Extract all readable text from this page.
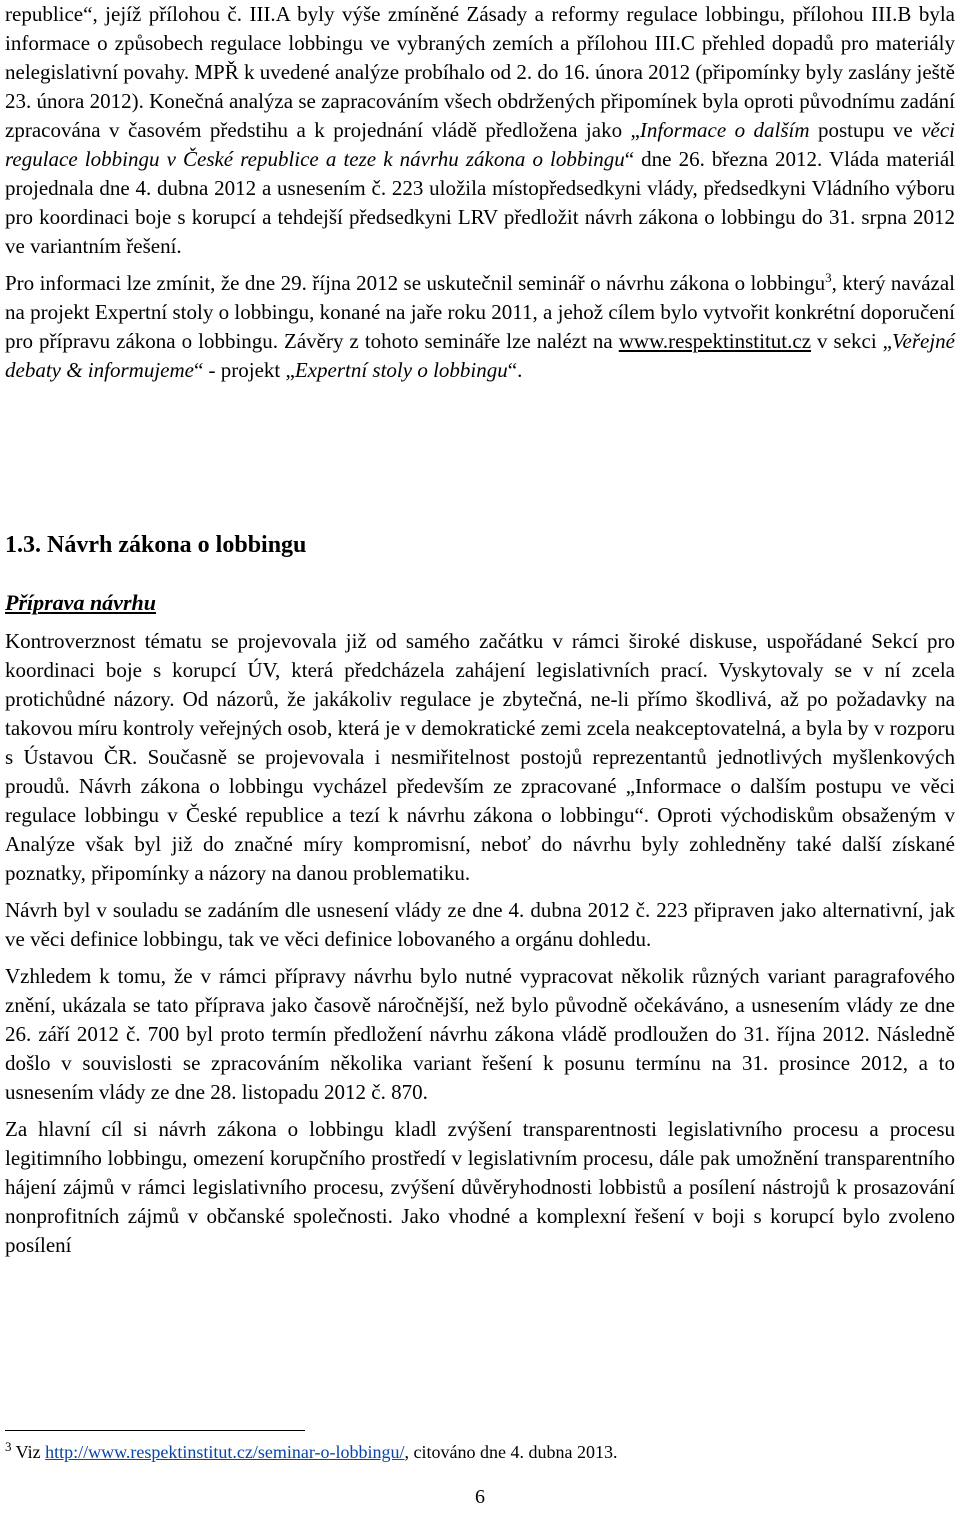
republice“, jejíž přílohou č. III.A byly výše zmíněné Zásady a reformy regulace lobbingu, přílohou III.B byla informace o způsobech regulace lobbingu ve vybraných zemích a přílohou III.C přehled dopadů pro materiály nelegislativní povahy. MPŘ k uvedené analýze probíhalo od 2. do 16. února 2012 (připomínky byly zaslány ještě 23. února 2012). Konečná analýza se zapracováním všech obdržených připomínek byla oproti původnímu zadání zpracována v časovém předstihu a k projednání vládě předložena jako „Informace o dalším postupu ve věci regulace lobbingu v České republice a teze k návrhu zákona o lobbingu“ dne 26. března 2012. Vláda materiál projednala dne 4. dubna 2012 a usnesením č. 223 uložila místopředsedkyni vlády, předsedkyni Vládního výboru pro koordinaci boje s korupcí a tehdejší předsedkyni LRV předložit návrh zákona o lobbingu do 31. srpna 2012 ve variantním řešení.

Pro informaci lze zmínit, že dne 29. října 2012 se uskutečnil seminář o návrhu zákona o lobbingu$^3$, který navázal na projekt Expertní stoly o lobbingu, konané na jaře roku 2011, a jehož cílem bylo vytvořit konkrétní doporučení pro přípravu zákona o lobbingu. Závěry z tohoto semináře lze nalézt na www.respektinstitut.cz v sekci „Veřejné debaty & informujeme“ - projekt „Expertní stoly o lobbingu“.

1.3. Návrh zákona o lobbingu
Příprava návrhu

Kontroverznost tématu se projevovala již od samého začátku v rámci široké diskuse, uspořádané Sekcí pro koordinaci boje s korupcí ÚV, která předcházela zahájení legislativních prací. Vyskytovaly se v ní zcela protichůdné názory. Od názorů, že jakákoliv regulace je zbytečná, ne-li přímo škodlivá, až po požadavky na takovou míru kontroly veřejných osob, která je v demokratické zemi zcela neakceptovatelná, a byla by v rozporu s Ústavou ČR. Současně se projevovala i nesmiřitelnost postojů reprezentantů jednotlivých myšlenkových proudů. Návrh zákona o lobbingu vycházel především ze zpracované „Informace o dalším postupu ve věci regulace lobbingu v České republice a tezí k návrhu zákona o lobbingu“. Oproti východiskům obsaženým v Analýze však byl již do značné míry kompromisní, neboť do návrhu byly zohledněny také další získané poznatky, připomínky a názory na danou problematiku.

Návrh byl v souladu se zadáním dle usnesení vlády ze dne 4. dubna 2012 č. 223 připraven jako alternativní, jak ve věci definice lobbingu, tak ve věci definice lobovaného a orgánu dohledu.

Vzhledem k tomu, že v rámci přípravy návrhu bylo nutné vypracovat několik různých variant paragrafového znění, ukázala se tato příprava jako časově náročnější, než bylo původně očekáváno, a usnesením vlády ze dne 26. září 2012 č. 700 byl proto termín předložení návrhu zákona vládě prodloužen do 31. října 2012. Následně došlo v souvislosti se zpracováním několika variant řešení k posunu termínu na 31. prosince 2012, a to usnesením vlády ze dne 28. listopadu 2012 č. 870.

Za hlavní cíl si návrh zákona o lobbingu kladl zvýšení transparentnosti legislativního procesu a procesu legitimního lobbingu, omezení korupčního prostředí v legislativním procesu, dále pak umožnění transparentního hájení zájmů v rámci legislativního procesu, zvýšení důvěryhodnosti lobbistů a posílení nástrojů k prosazování nonprofitních zájmů v občanské společnosti. Jako vhodné a komplexní řešení v boji s korupcí bylo zvoleno posílení

$^3$ Viz http://www.respektinstitut.cz/seminar-o-lobbingu/, citováno dne 4. dubna 2013.
6
